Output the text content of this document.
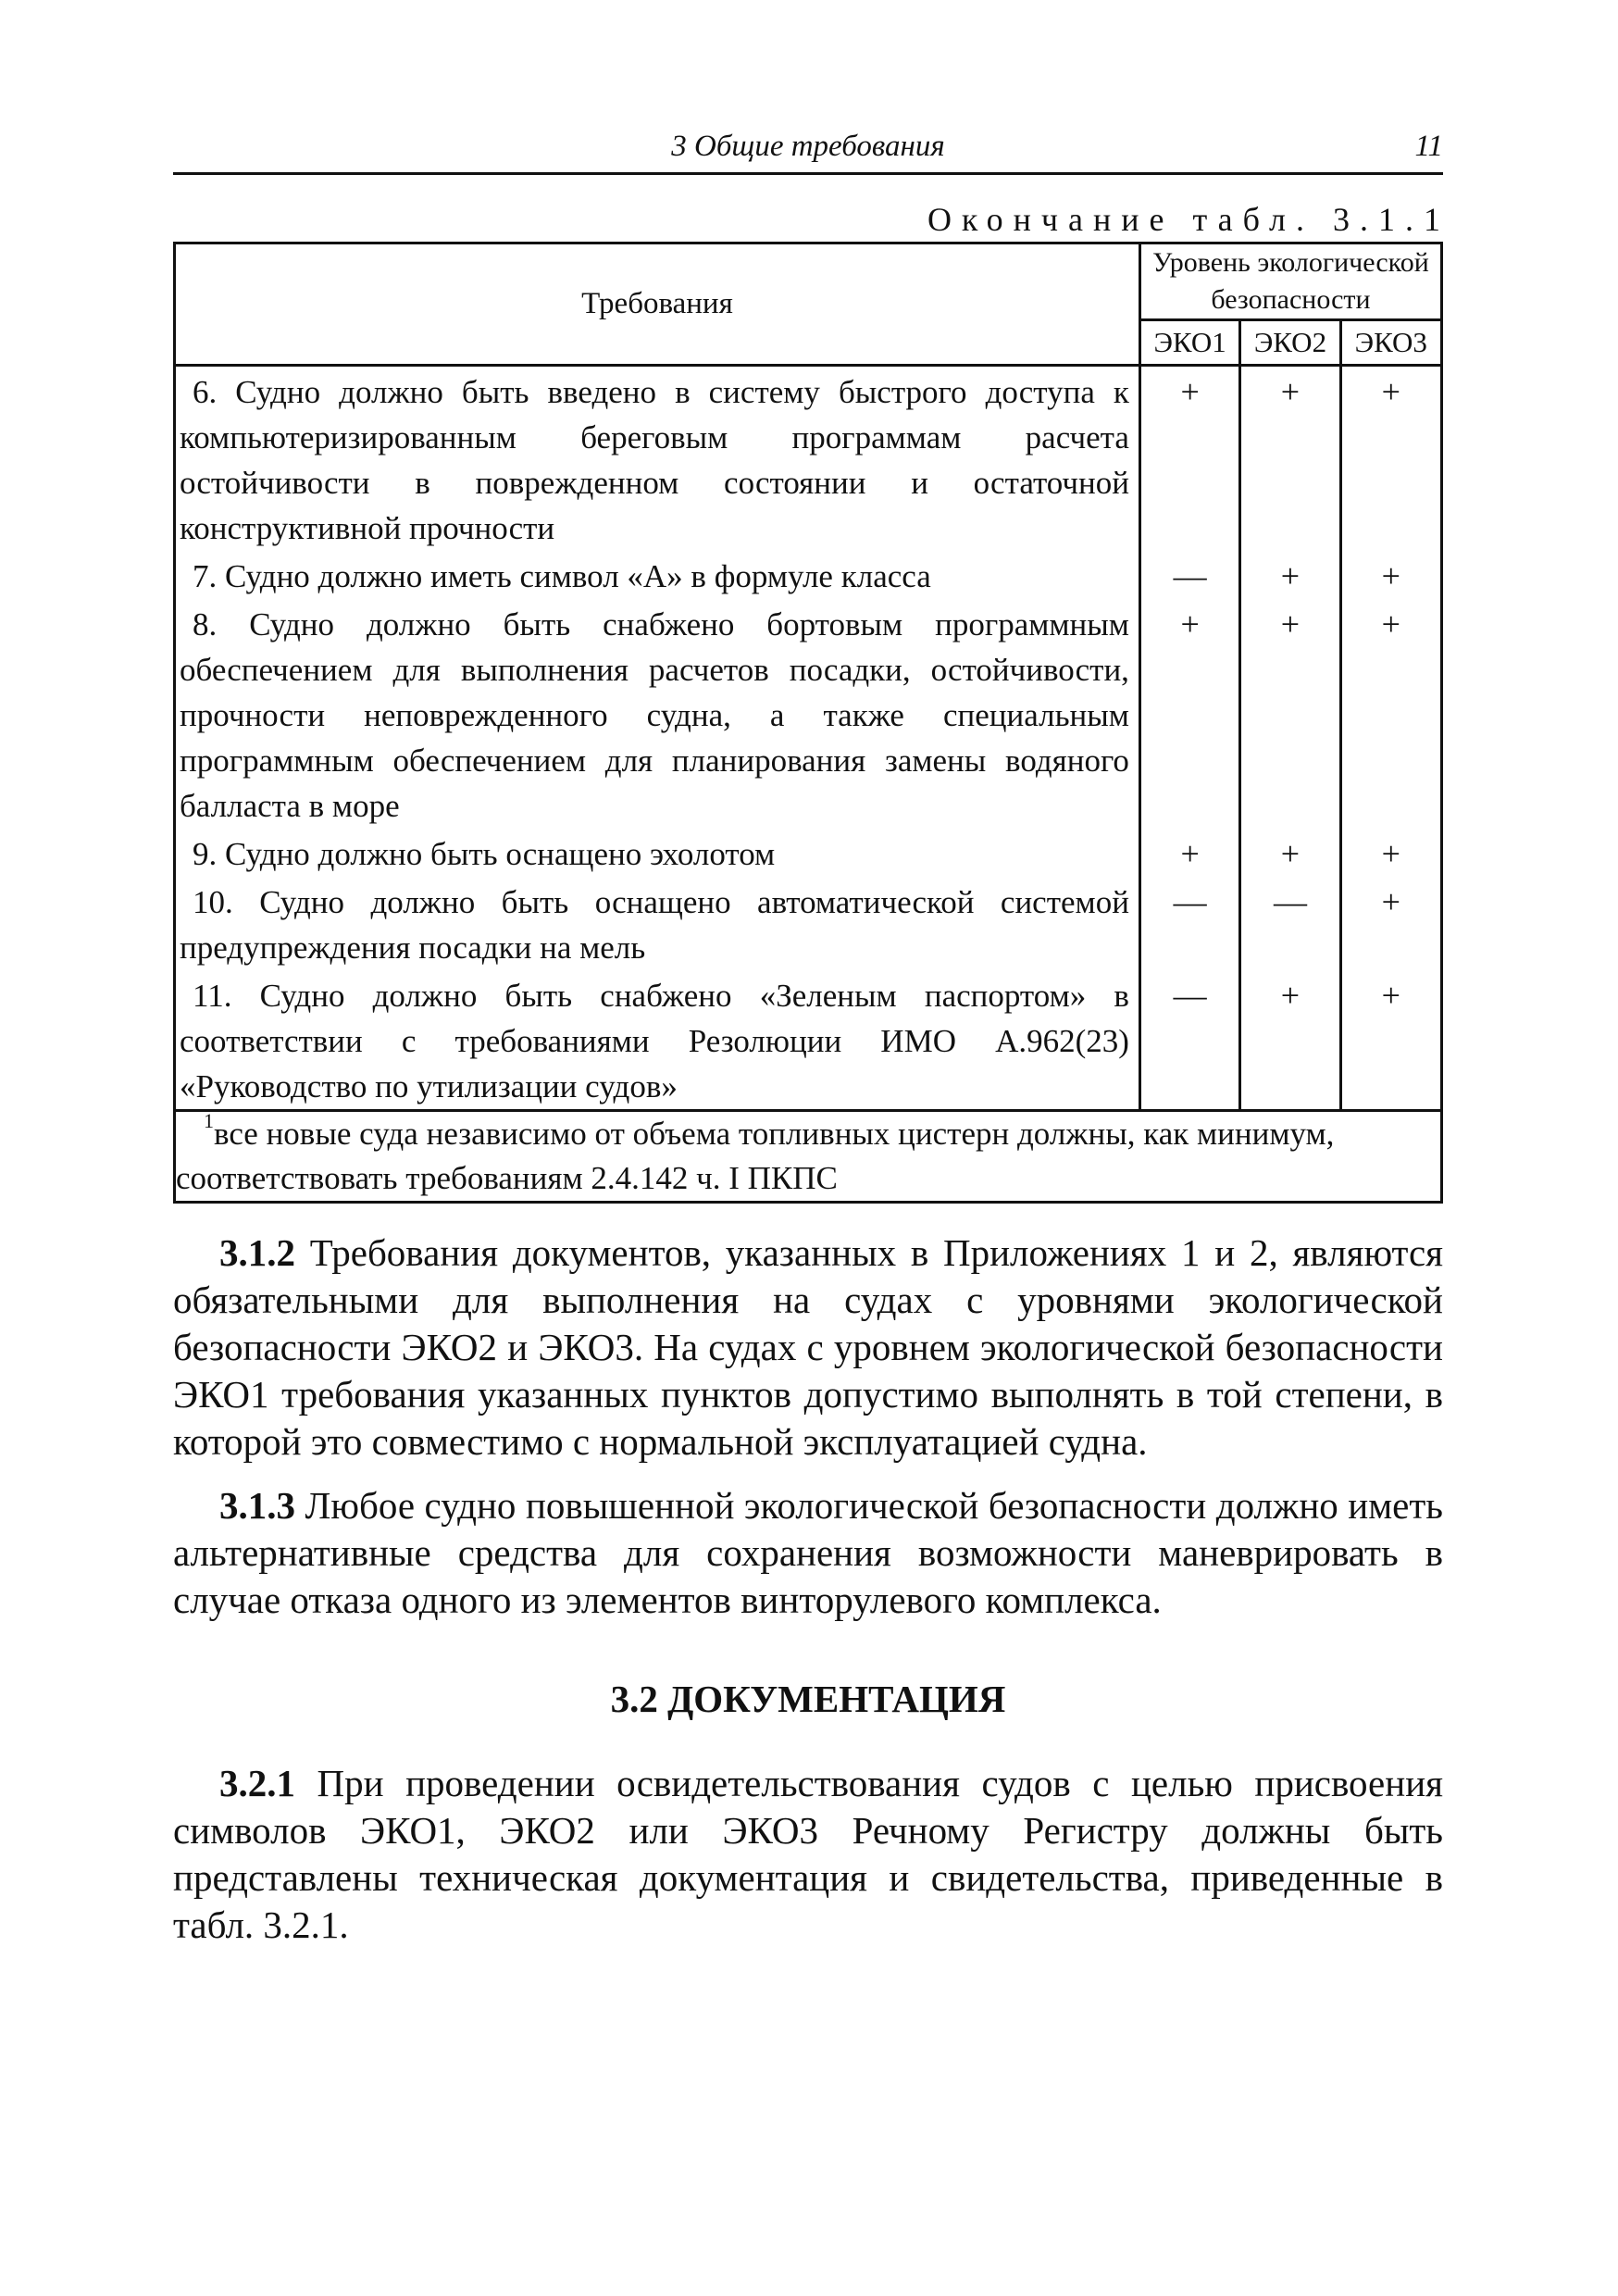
3 Общие требования	11
Окончание табл. 3.1.1
Требования	Уровень экологической безопасности		
	ЭКО1	ЭКО2	ЭКО3
6. Судно должно быть введено в систему быстрого доступа к компьютеризированным береговым программам расчета остойчивости в поврежденном состоянии и остаточной конструктивной прочности	+	+	+
7. Судно должно иметь символ «А» в формуле класса	—	+	+
8. Судно должно быть снабжено бортовым программным обеспечением для выполнения расчетов посадки, остойчивости, прочности неповрежденного судна, а также специальным программным обеспечением для планирования замены водяного балласта в море	+	+	+
9. Судно должно быть оснащено эхолотом	+	+	+
10. Судно должно быть оснащено автоматической системой предупреждения посадки на мель	—	—	+
11. Судно должно быть снабжено «Зеленым паспортом» в соответствии с требованиями Резолюции ИМО А.962(23) «Руководство по утилизации судов»	—	+	+
$^1$все новые суда независимо от объема топливных цистерн должны, как минимум, соответствовать требованиям 2.4.142 ч. I ПКПС			

3.1.2 Требования документов, указанных в Приложениях 1 и 2, являются обязательными для выполнения на судах с уровнями экологической безопасности ЭКО2 и ЭКО3. На судах с уровнем экологической безопасности ЭКО1 требования указанных пунктов допустимо выполнять в той степени, в которой это совместимо с нормальной эксплуатацией судна.

3.1.3 Любое судно повышенной экологической безопасности должно иметь альтернативные средства для сохранения возможности маневрировать в случае отказа одного из элементов винторулевого комплекса.

3.2 ДОКУМЕНТАЦИЯ

3.2.1 При проведении освидетельствования судов с целью присвоения символов ЭКО1, ЭКО2 или ЭКО3 Речному Регистру должны быть представлены техническая документация и свидетельства, приведенные в табл. 3.2.1.
